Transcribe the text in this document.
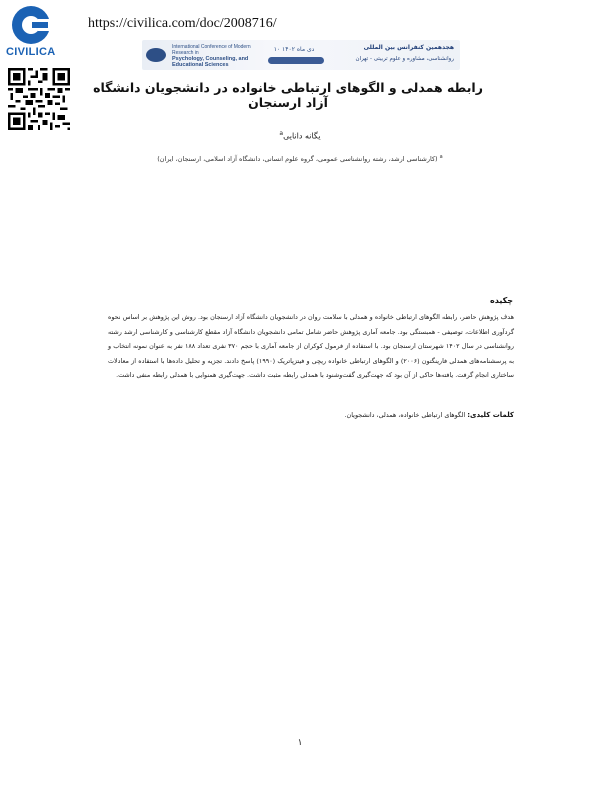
CIVILICA
https://civilica.com/doc/2008716/
International Conference of Modern Research in
Psychology, Counseling, and Educational Sciences
۱۰ دی ماه ۱۴۰۲	هجدهمین کنفرانس بین المللی
روانشناسی، مشاوره و علوم تربیتی - تهران
رابطه همدلی و الگوهای ارتباطی خانواده در دانشجویان دانشگاه آزاد ارسنجان
یگانه دانایی$^a$
$^a$ (کارشناسی ارشد، رشته روانشناسی عمومی، گروه علوم انسانی، دانشگاه آزاد اسلامی، ارسنجان، ایران)
چکیده
هدف پژوهش حاضر، رابطه الگوهای ارتباطی خانواده و همدلی با سلامت روان در دانشجویان دانشگاه آزاد ارسنجان بود. روش این پژوهش بر اساس نحوه گردآوری اطلاعات، توصیفی - همبستگی بود. جامعه آماری پژوهش حاضر شامل تمامی دانشجویان دانشگاه آزاد مقطع کارشناسی و کارشناسی ارشد رشته روانشناسی در سال ۱۴۰۲ شهرستان ارسنجان بود. با استفاده از فرمول کوکران از جامعه آماری با حجم ۳۷۰ نفری تعداد ۱۸۸ نفر به عنوان نمونه انتخاب و به پرسشنامه‌های همدلی فارینگتون (۲۰۰۶) و الگوهای ارتباطی خانواده ریچی و فیتزپاتریک (۱۹۹۰) پاسخ دادند. تجزیه و تحلیل داده‌ها با استفاده از معادلات ساختاری انجام گرفت. یافته‌ها حاکی از آن بود که جهت‌گیری گفت‌وشنود با همدلی رابطه مثبت داشت. جهت‌گیری همنوایی با همدلی رابطه منفی داشت.
کلمات کلیدی: الگوهای ارتباطی خانواده، همدلی، دانشجویان.
۱
